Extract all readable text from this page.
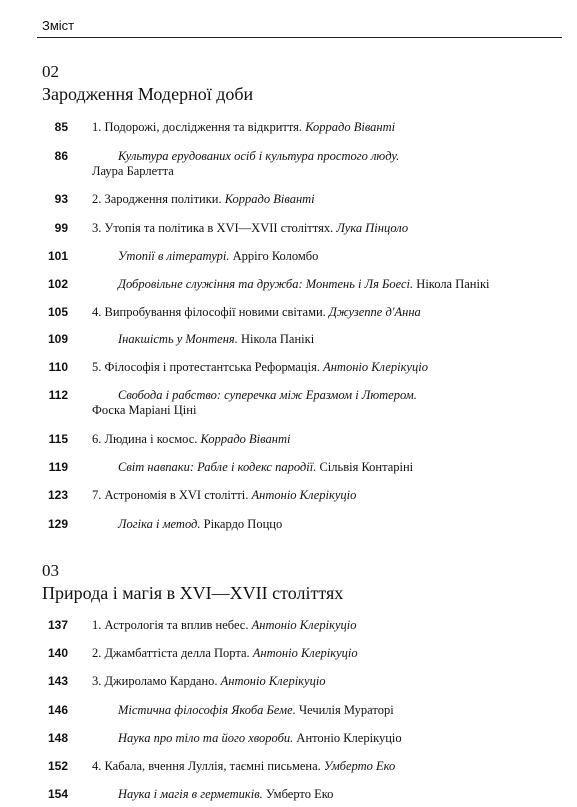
Зміст
02
Зародження Модерної доби
85 1. Подорожі, дослідження та відкриття. Коррадо Віванті
86	Культура ерудованих осіб і культура простого люду.
Лаура Барлетта
93 2. Зародження політики. Коррадо Віванті
99 3. Утопія та політика в XVI—XVII століттях. Лука Пінцоло
101	Утопії в літературі. Арріго Коломбо
102	Добровільне служіння та дружба: Монтень і Ля Боесі. Нікола Панікі
105 4. Випробування філософії новими світами. Джузеппе д'Анна
109	Інакшість у Монтеня. Нікола Панікі
110 5. Філософія і протестантська Реформація. Антоніо Клерікуціо
112	Свобода і рабство: суперечка між Еразмом і Лютером.
Фоска Маріані Ціні
115 6. Людина і космос. Коррадо Віванті
119	Світ навпаки: Рабле і кодекс пародії. Сільвія Контаріні
123 7. Астрономія в XVI столітті. Антоніо Клерікуціо
129	Логіка і метод. Рікардо Поццо
03
Природа і магія в XVI—XVII століттях
137 1. Астрологія та вплив небес. Антоніо Клерікуціо
140 2. Джамбаттіста делла Порта. Антоніо Клерікуціо
143 3. Джироламо Кардано. Антоніо Клерікуціо
146	Містична філософія Якоба Беме. Чечилія Мураторі
148	Наука про тіло та його хвороби. Антоніо Клерікуціо
152 4. Кабала, вчення Луллія, таємні письмена. Умберто Еко
154	Наука і магія в герметиків. Умберто Еко
